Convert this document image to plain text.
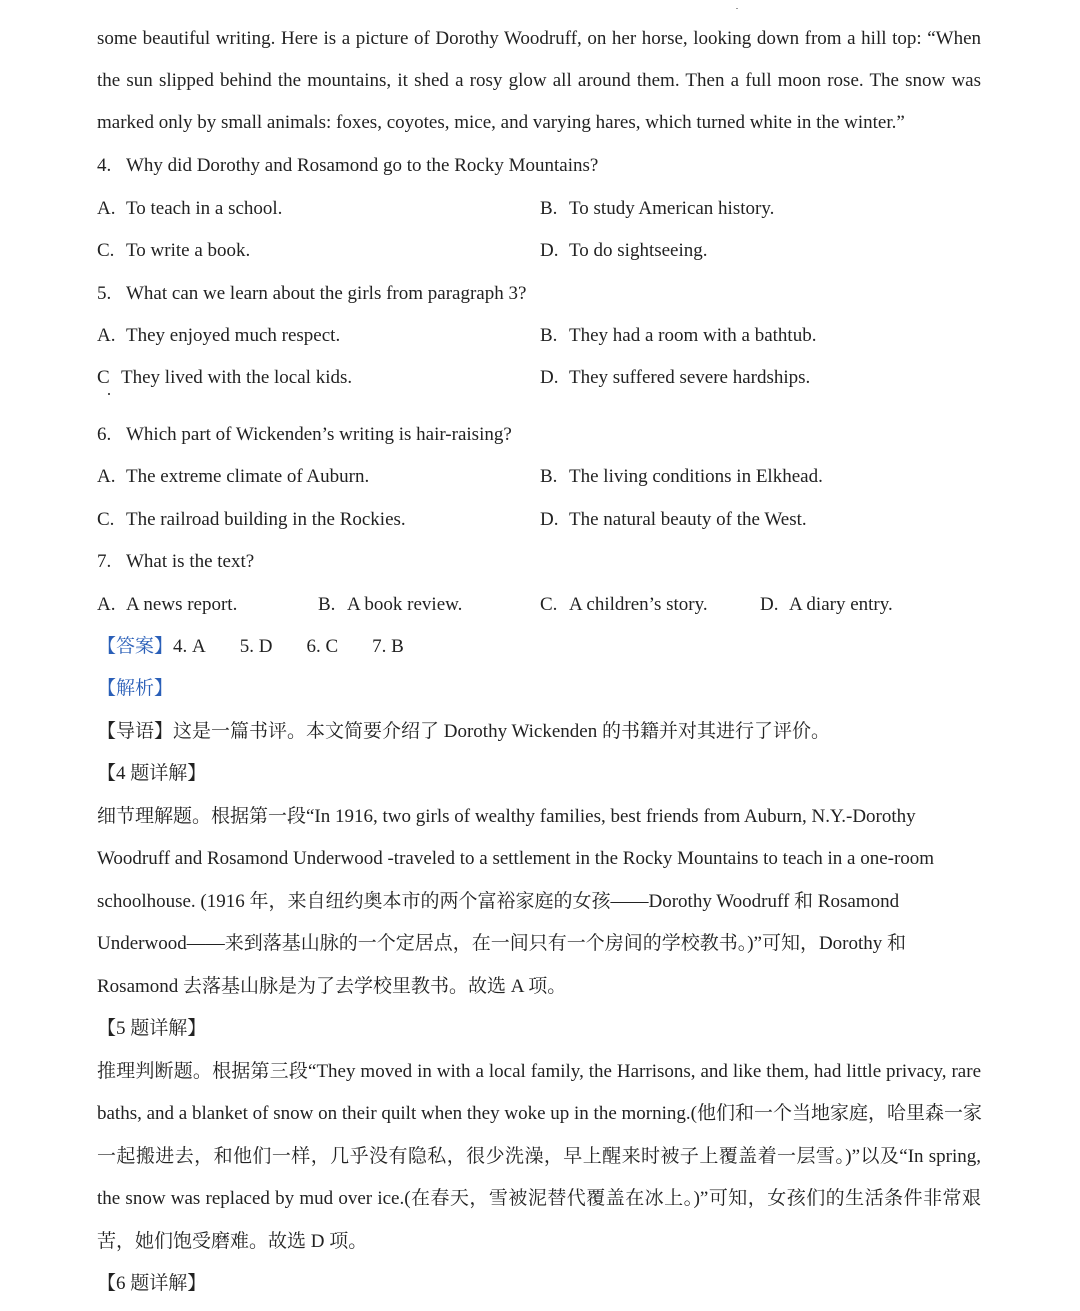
some beautiful writing. Here is a picture of Dorothy Woodruff, on her horse, looking down from a hill top: “When
the sun slipped behind the mountains, it shed a rosy glow all around them. Then a full moon rose. The snow was
marked only by small animals: foxes, coyotes, mice, and varying hares, which turned white in the winter.”
4. Why did Dorothy and Rosamond go to the Rocky Mountains?
A. To teach in a school.	B. To study American history.
C. To write a book.	D. To do sightseeing.
5. What can we learn about the girls from paragraph 3?
A. They enjoyed much respect.	B. They had a room with a bathtub.
C They lived with the local kids.	D. They suffered severe hardships.
6. Which part of Wickenden’s writing is hair-raising?
A. The extreme climate of Auburn.	B. The living conditions in Elkhead.
C. The railroad building in the Rockies.	D. The natural beauty of the West.
7. What is the text?
A. A news report.	B. A book review.	C. A children’s story.	D. A diary entry.
【答案】4. A 5. D 6. C 7. B
【解析】
【导语】这是一篇书评。本文简要介绍了 Dorothy Wickenden 的书籍并对其进行了评价。
【4 题详解】
细节理解题。根据第一段“In 1916, two girls of wealthy families, best friends from Auburn, N.Y.-Dorothy
Woodruff and Rosamond Underwood -traveled to a settlement in the Rocky Mountains to teach in a one-room
schoolhouse. (1916 年，来自纽约奥本市的两个富裕家庭的女孩——Dorothy Woodruff 和 Rosamond
Underwood——来到落基山脉的一个定居点，在一间只有一个房间的学校教书。)”可知，Dorothy 和
Rosamond 去落基山脉是为了去学校里教书。故选 A 项。
【5 题详解】
推理判断题。根据第三段“They moved in with a local family, the Harrisons, and like them, had little privacy, rare
baths, and a blanket of snow on their quilt when they woke up in the morning.(他们和一个当地家庭，哈里森一家
一起搬进去，和他们一样，几乎没有隐私，很少洗澡，早上醒来时被子上覆盖着一层雪。)”以及“In spring,
the snow was replaced by mud over ice.(在春天，雪被泥替代覆盖在冰上。)”可知，女孩们的生活条件非常艰
苦，她们饱受磨难。故选 D 项。
【6 题详解】
